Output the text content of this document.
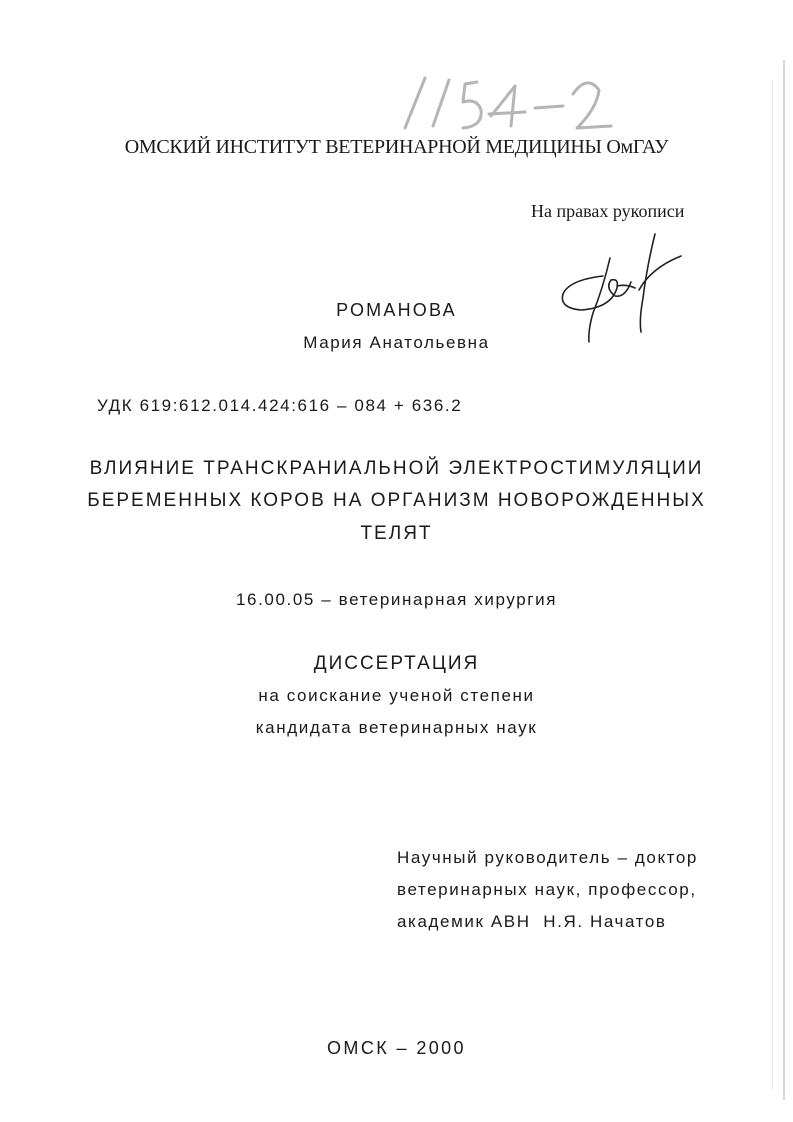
ОМСКИЙ ИНСТИТУТ ВЕТЕРИНАРНОЙ МЕДИЦИНЫ ОмГАУ
На правах рукописи
РОМАНОВА
Мария Анатольевна
УДК 619:612.014.424:616 – 084 + 636.2
ВЛИЯНИЕ ТРАНСКРАНИАЛЬНОЙ ЭЛЕКТРОСТИМУЛЯЦИИ
БЕРЕМЕННЫХ КОРОВ НА ОРГАНИЗМ НОВОРОЖДЕННЫХ
ТЕЛЯТ
16.00.05 – ветеринарная хирургия
ДИССЕРТАЦИЯ
на соискание ученой степени
кандидата ветеринарных наук
Научный руководитель – доктор
ветеринарных наук, профессор,
академик АВН  Н.Я. Начатов
ОМСК – 2000
